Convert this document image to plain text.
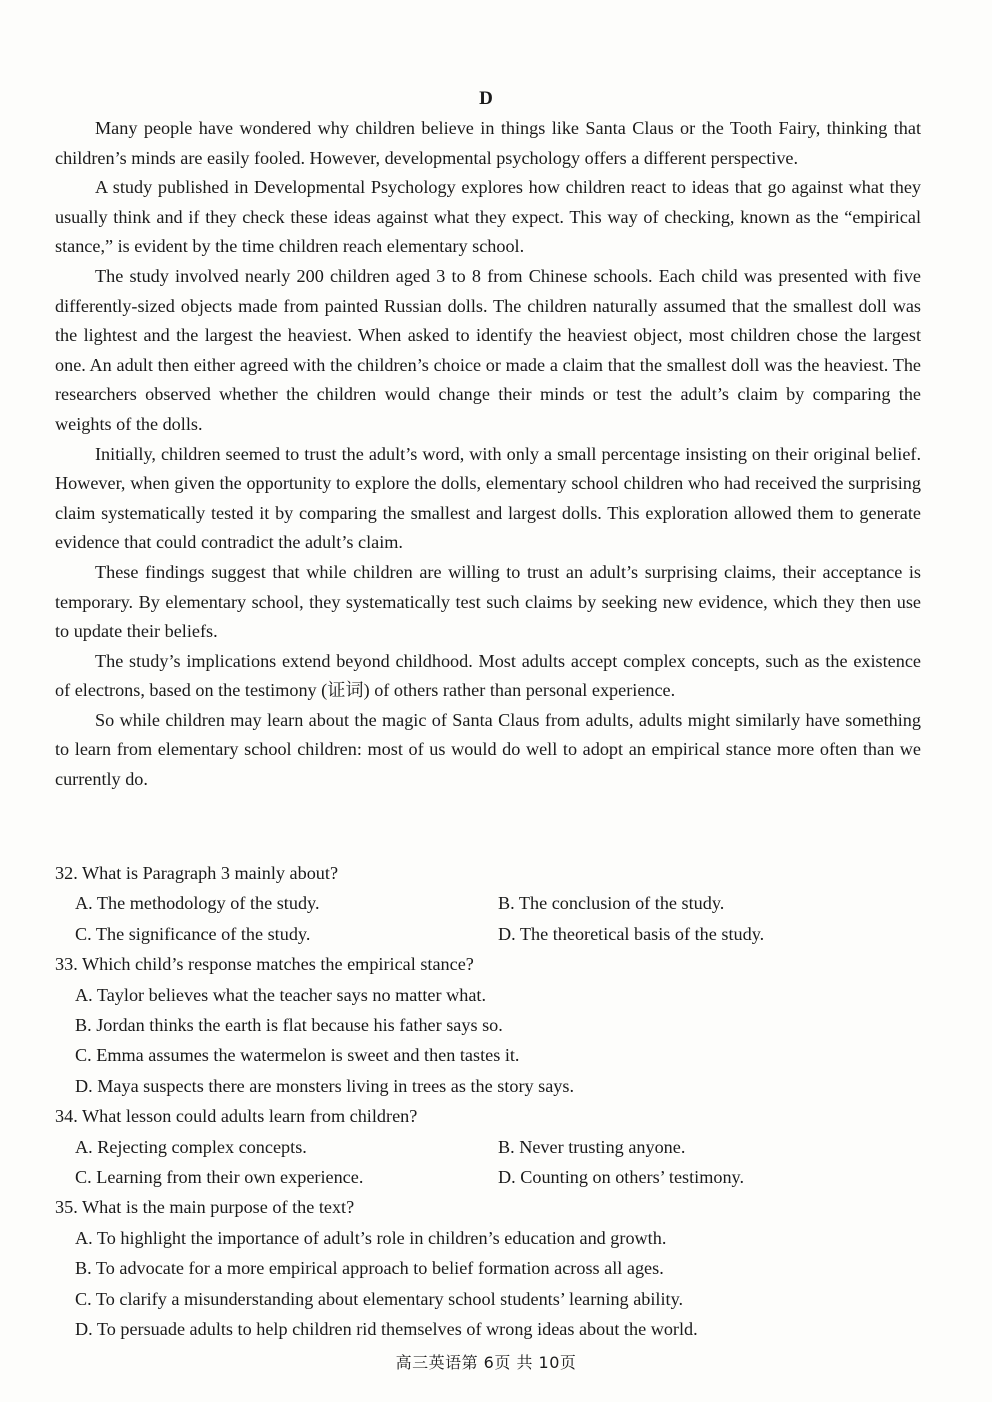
D

Many people have wondered why children believe in things like Santa Claus or the Tooth Fairy, thinking that children’s minds are easily fooled. However, developmental psychology offers a different perspective.

A study published in Developmental Psychology explores how children react to ideas that go against what they usually think and if they check these ideas against what they expect. This way of checking, known as the “empirical stance,” is evident by the time children reach elementary school.

The study involved nearly 200 children aged 3 to 8 from Chinese schools. Each child was presented with five differently-sized objects made from painted Russian dolls. The children naturally assumed that the smallest doll was the lightest and the largest the heaviest. When asked to identify the heaviest object, most children chose the largest one. An adult then either agreed with the children’s choice or made a claim that the smallest doll was the heaviest. The researchers observed whether the children would change their minds or test the adult’s claim by comparing the weights of the dolls.

Initially, children seemed to trust the adult’s word, with only a small percentage insisting on their original belief. However, when given the opportunity to explore the dolls, elementary school children who had received the surprising claim systematically tested it by comparing the smallest and largest dolls. This exploration allowed them to generate evidence that could contradict the adult’s claim.

These findings suggest that while children are willing to trust an adult’s surprising claims, their acceptance is temporary. By elementary school, they systematically test such claims by seeking new evidence, which they then use to update their beliefs.

The study’s implications extend beyond childhood. Most adults accept complex concepts, such as the existence of electrons, based on the testimony (证词) of others rather than personal experience.

So while children may learn about the magic of Santa Claus from adults, adults might similarly have something to learn from elementary school children: most of us would do well to adopt an empirical stance more often than we currently do.

32. What is Paragraph 3 mainly about?

A. The methodology of the study.	B. The conclusion of the study.
C. The significance of the study.	D. The theoretical basis of the study.

33. Which child’s response matches the empirical stance?

A. Taylor believes what the teacher says no matter what.
B. Jordan thinks the earth is flat because his father says so.
C. Emma assumes the watermelon is sweet and then tastes it.
D. Maya suspects there are monsters living in trees as the story says.

34. What lesson could adults learn from children?

A. Rejecting complex concepts.	B. Never trusting anyone.
C. Learning from their own experience.	D. Counting on others’ testimony.

35. What is the main purpose of the text?

A. To highlight the importance of adult’s role in children’s education and growth.
B. To advocate for a more empirical approach to belief formation across all ages.
C. To clarify a misunderstanding about elementary school students’ learning ability.
D. To persuade adults to help children rid themselves of wrong ideas about the world.
高三英语第 6页 共 10页
